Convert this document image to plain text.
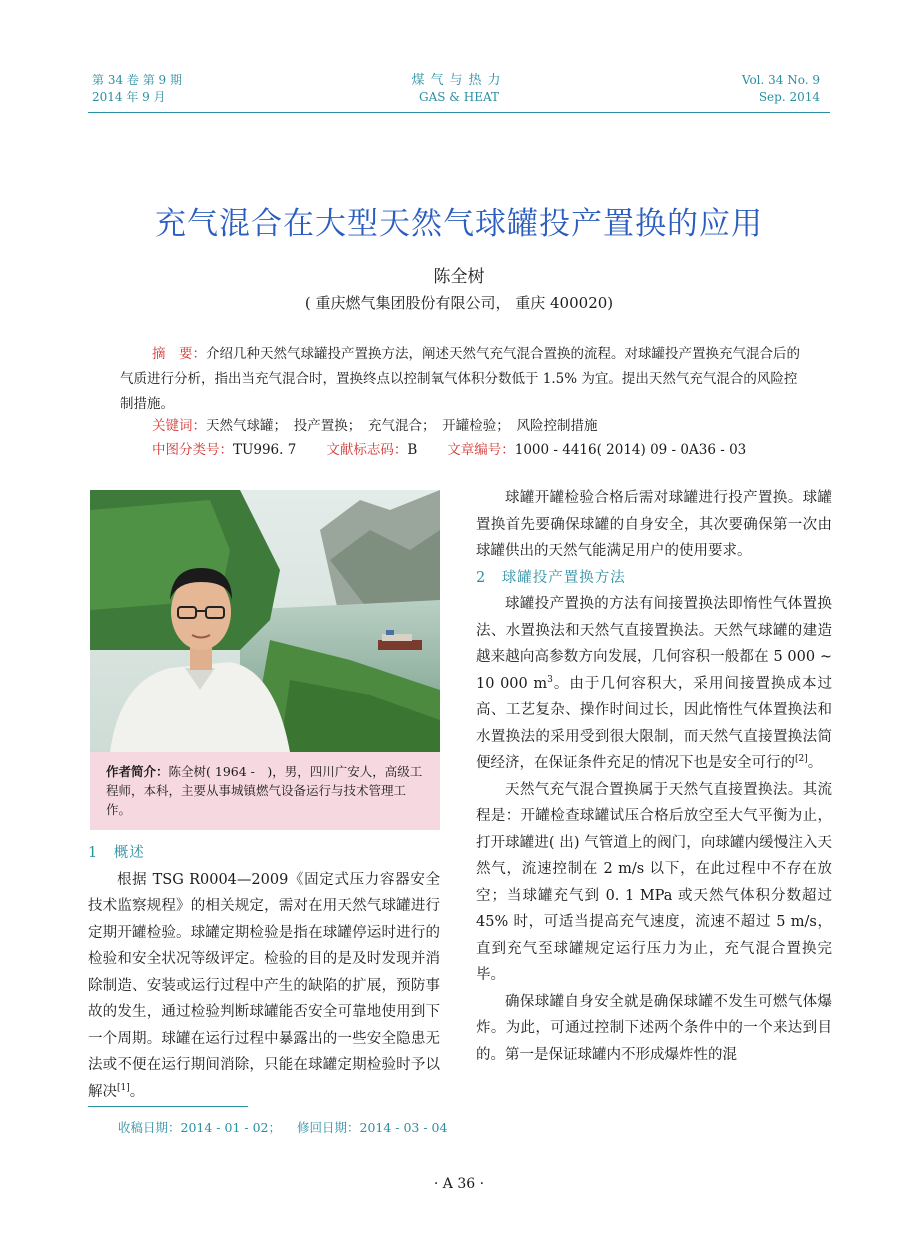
第 34 卷 第 9 期
2014 年 9 月
煤气与热力
GAS & HEAT
Vol. 34 No. 9
Sep. 2014
充气混合在大型天然气球罐投产置换的应用
陈全树
( 重庆燃气集团股份有限公司， 重庆 400020)
摘　要：介绍几种天然气球罐投产置换方法，阐述天然气充气混合置换的流程。对球罐投产置换充气混合后的气质进行分析，指出当充气混合时，置换终点以控制氧气体积分数低于 1.5% 为宜。提出天然气充气混合的风险控制措施。
关键词：天然气球罐；　投产置换；　充气混合；　开罐检验；　风险控制措施
中图分类号：TU996. 7 文献标志码：B 文章编号：1000 - 4416( 2014) 09 - 0A36 - 03
作者简介：陈全树( 1964 -　)，男，四川广安人，高级工程师，本科，主要从事城镇燃气设备运行与技术管理工作。

1　概述

根据 TSG R0004—2009《固定式压力容器安全技术监察规程》的相关规定，需对在用天然气球罐进行定期开罐检验。球罐定期检验是指在球罐停运时进行的检验和安全状况等级评定。检验的目的是及时发现并消除制造、安装或运行过程中产生的缺陷的扩展，预防事故的发生，通过检验判断球罐能否安全可靠地使用到下一个周期。球罐在运行过程中暴露出的一些安全隐患无法或不便在运行期间消除，只能在球罐定期检验时予以解决[1]。

球罐开罐检验合格后需对球罐进行投产置换。球罐置换首先要确保球罐的自身安全，其次要确保第一次由球罐供出的天然气能满足用户的使用要求。

2　球罐投产置换方法

球罐投产置换的方法有间接置换法即惰性气体置换法、水置换法和天然气直接置换法。天然气球罐的建造越来越向高参数方向发展，几何容积一般都在 5 000 ~ 10 000 $m^3$。由于几何容积大，采用间接置换成本过高、工艺复杂、操作时间过长，因此惰性气体置换法和水置换法的采用受到很大限制，而天然气直接置换法简便经济，在保证条件充足的情况下也是安全可行的[2]。

天然气充气混合置换属于天然气直接置换法。其流程是：开罐检查球罐试压合格后放空至大气平衡为止，打开球罐进( 出) 气管道上的阀门，向球罐内缓慢注入天然气，流速控制在 2 m/s 以下，在此过程中不存在放空；当球罐充气到 0. 1 MPa 或天然气体积分数超过 45% 时，可适当提高充气速度，流速不超过 5 m/s，直到充气至球罐规定运行压力为止，充气混合置换完毕。

确保球罐自身安全就是确保球罐不发生可燃气体爆炸。为此，可通过控制下述两个条件中的一个来达到目的。第一是保证球罐内不形成爆炸性的混

收稿日期：2014 - 01 - 02； 修回日期：2014 - 03 - 04
· A 36 ·
